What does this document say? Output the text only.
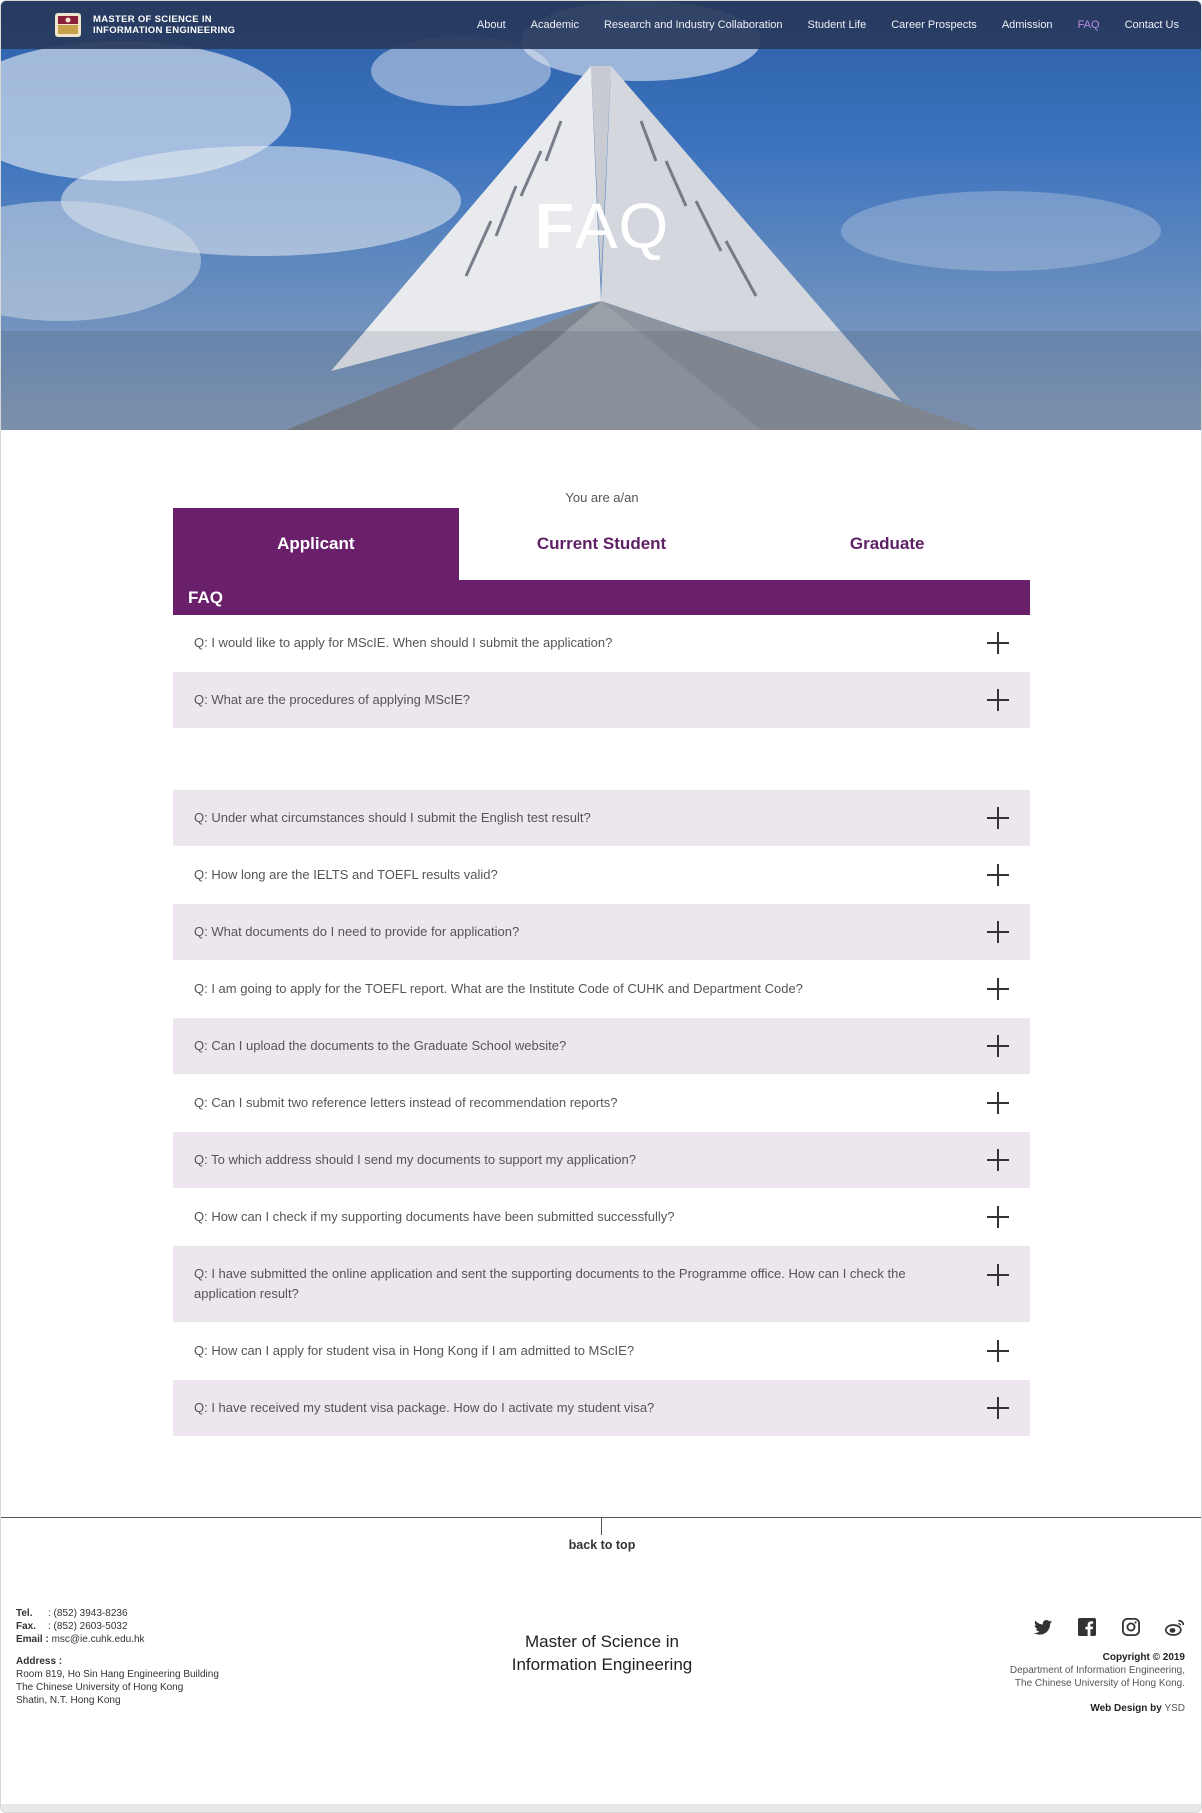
FAQ
MASTER OF SCIENCE IN
INFORMATION ENGINEERING	About Academic Research and Industry Collaboration Student Life Career Prospects Admission FAQ Contact Us
You are a/an
Applicant	Current Student	Graduate
FAQ
Q: I would like to apply for MScIE. When should I submit the application?
Q: What are the procedures of applying MScIE?
Q: Under what circumstances should I submit the English test result?
Q: How long are the IELTS and TOEFL results valid?
Q: What documents do I need to provide for application?
Q: I am going to apply for the TOEFL report. What are the Institute Code of CUHK and Department Code?
Q: Can I upload the documents to the Graduate School website?
Q: Can I submit two reference letters instead of recommendation reports?
Q: To which address should I send my documents to support my application?
Q: How can I check if my supporting documents have been submitted successfully?
Q: I have submitted the online application and sent the supporting documents to the Programme office. How can I check the application result?
Q: How can I apply for student visa in Hong Kong if I am admitted to MScIE?
Q: I have received my student visa package. How do I activate my student visa?
back to top
Tel. : (852) 3943-8236
Fax. : (852) 2603-5032
Email : msc@ie.cuhk.edu.hk
Address :
Room 819, Ho Sin Hang Engineering Building
The Chinese University of Hong Kong
Shatin, N.T. Hong Kong
Master of Science in
Information Engineering	Copyright © 2019
Department of Information Engineering,
The Chinese University of Hong Kong.
Web Design by YSD
